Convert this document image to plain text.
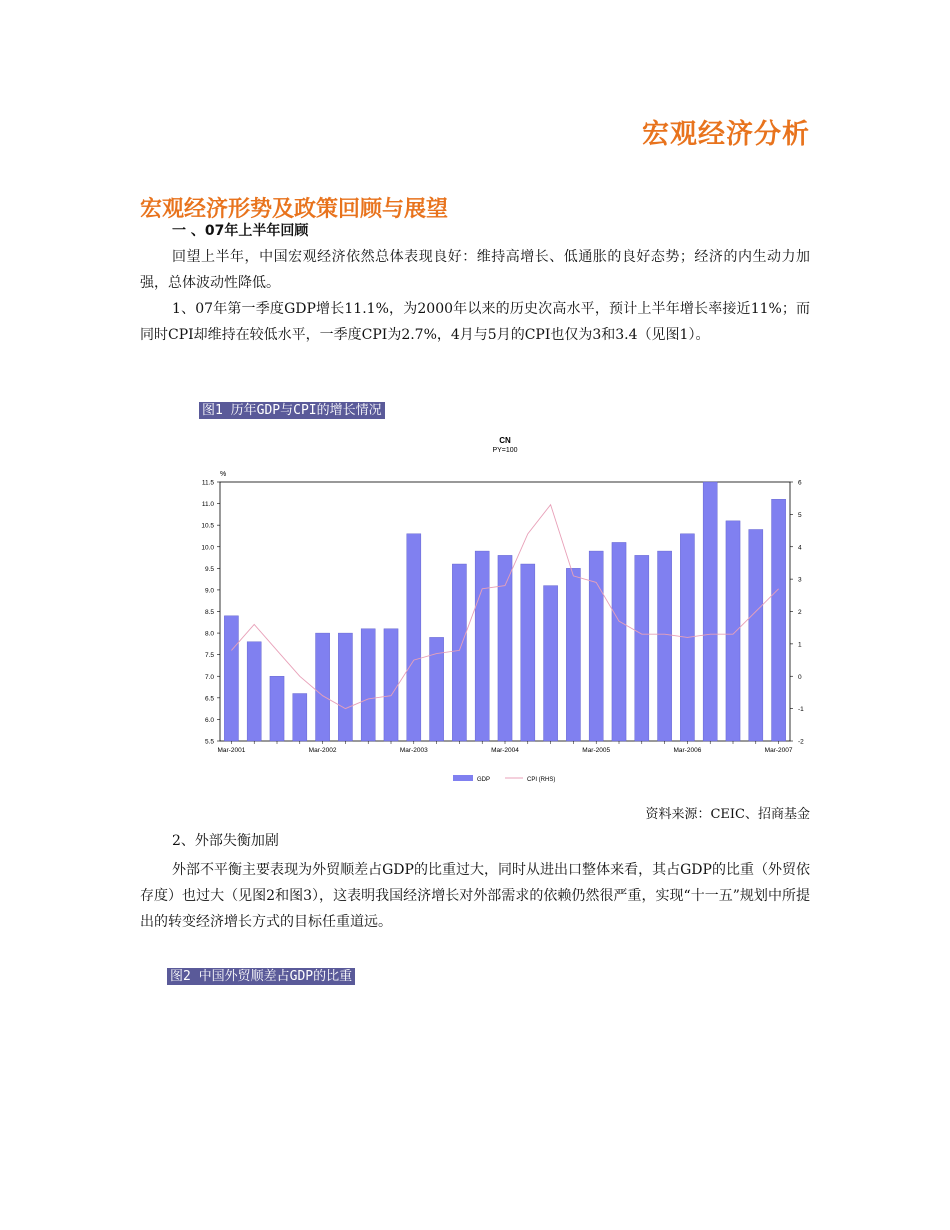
宏观经济分析
宏观经济形势及政策回顾与展望
一 、07年上半年回顾
回望上半年，中国宏观经济依然总体表现良好：维持高增长、低通胀的良好态势；经济的内生动力加强，总体波动性降低。
1、07年第一季度GDP增长11.1%，为2000年以来的历史次高水平，预计上半年增长率接近11%；而同时CPI却维持在较低水平，一季度CPI为2.7%，4月与5月的CPI也仅为3和3.4（见图1）。
图1 历年GDP与CPI的增长情况
CN
PY=100
%
5.5
6.0
6.5
7.0
7.5
8.0
8.5
9.0
9.5
10.0
10.5
11.0
11.5
-2
-1
0
1
2
3
4
5
6
Mar-2001	Mar-2002	Mar-2003	Mar-2004	Mar-2005	Mar-2006	Mar-2007
GDP	CPI (RHS)
资料来源：CEIC、招商基金
2、外部失衡加剧
外部不平衡主要表现为外贸顺差占GDP的比重过大，同时从进出口整体来看，其占GDP的比重（外贸依存度）也过大（见图2和图3），这表明我国经济增长对外部需求的依赖仍然很严重，实现“十一五”规划中所提出的转变经济增长方式的目标任重道远。
图2 中国外贸顺差占GDP的比重
